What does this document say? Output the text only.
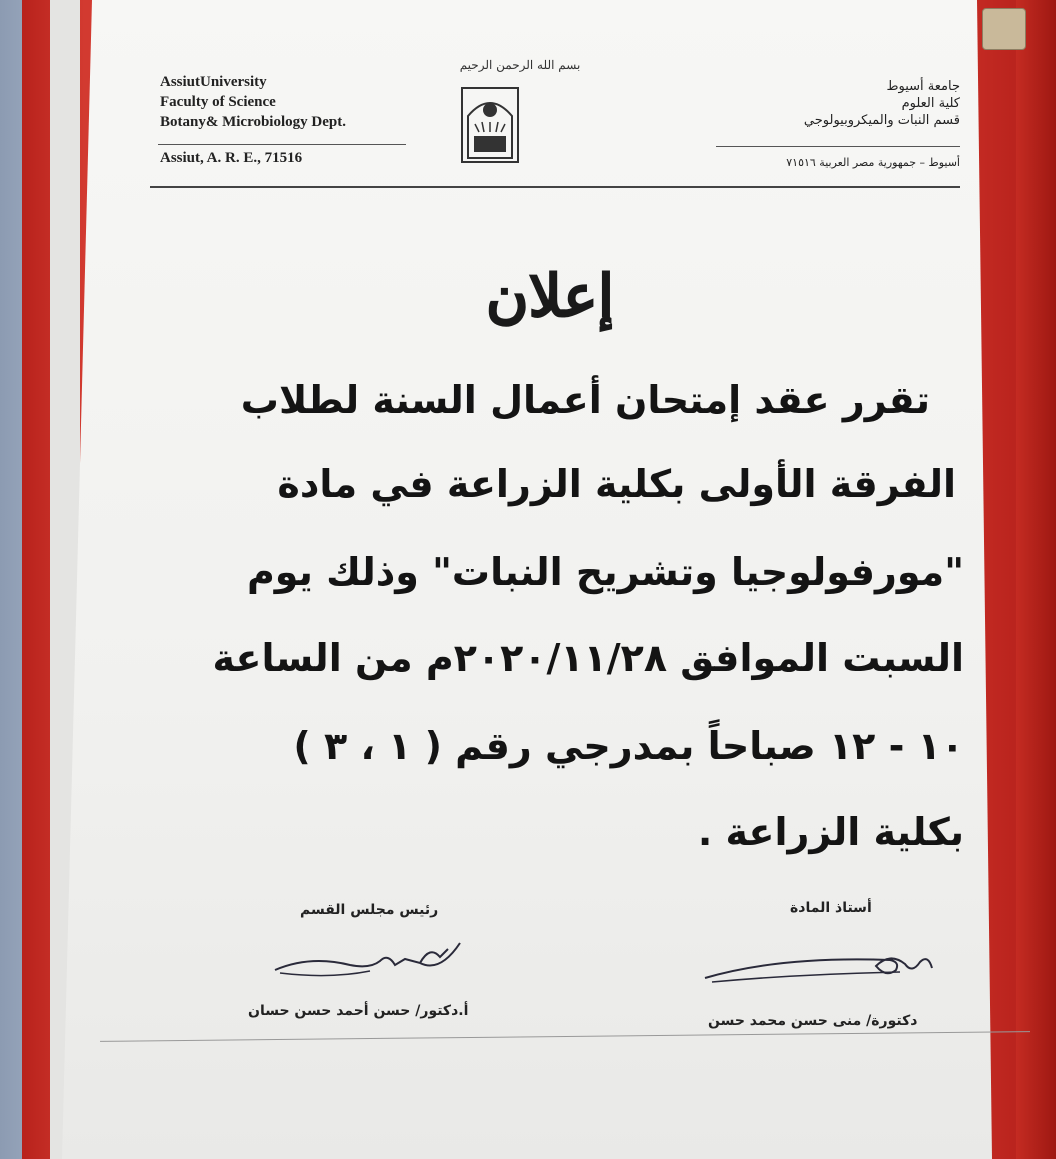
AssiutUniversity
Faculty of Science
Botany& Microbiology Dept.
Assiut, A. R. E., 71516
بسم الله الرحمن الرحيم
جامعة أسيوط
كلية العلوم
قسم النبات والميكروبيولوجي
أسيوط – جمهورية مصر العربية ٧١٥١٦
إعلان
تقرر عقد إمتحان أعمال السنة لطلاب
الفرقة الأولى بكلية الزراعة في مادة
"مورفولوجيا وتشريح النبات" وذلك يوم
السبت الموافق ٢٠٢٠/١١/٢٨م من الساعة
١٠ - ١٢ صباحاً بمدرجي رقم ( ١ ، ٣ )
بكلية الزراعة .
رئيس مجلس القسم
أ.دكتور/ حسن أحمد حسن حسان
أستاذ المادة
دكتورة/ منى حسن محمد حسن
